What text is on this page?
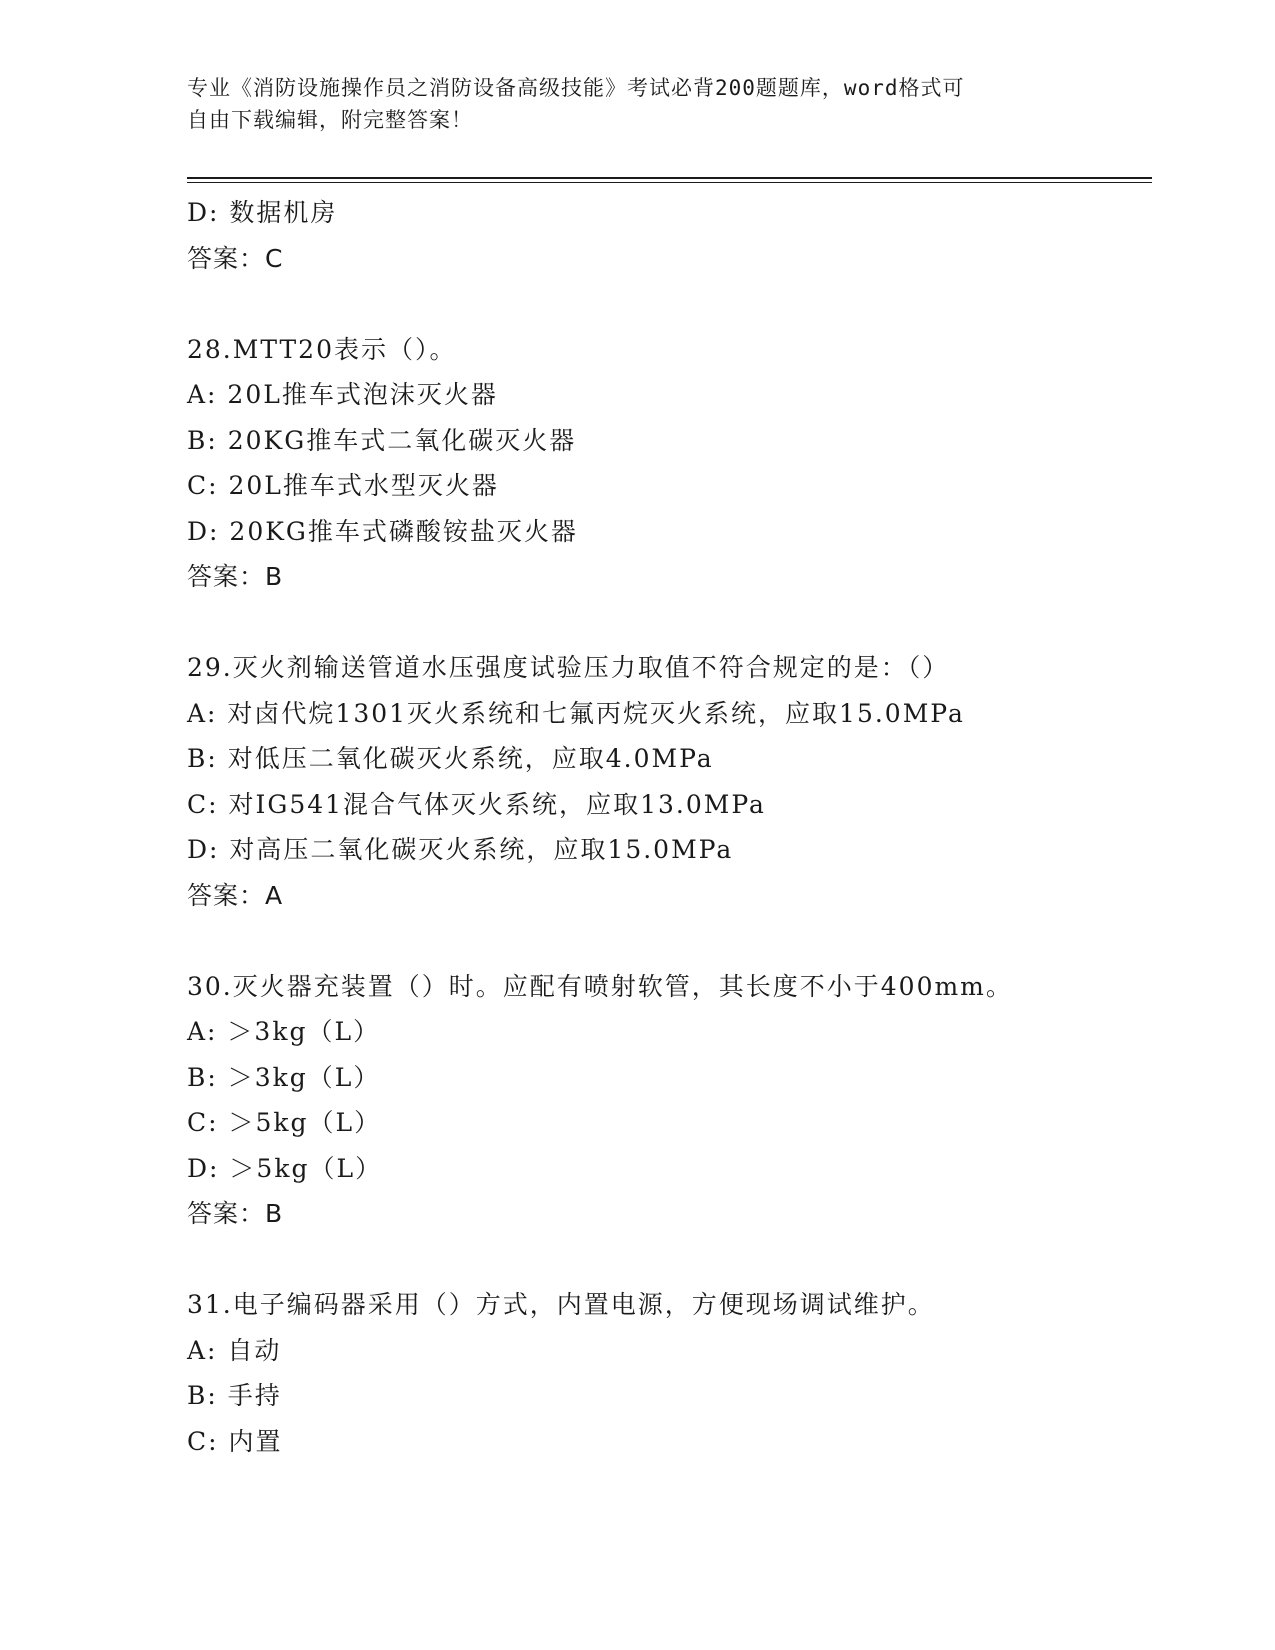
专业《消防设施操作员之消防设备高级技能》考试必背200题题库，word格式可
自由下载编辑，附完整答案！
D: 数据机房
答案：C
28.MTT20表示（）。
A: 20L推车式泡沫灭火器
B: 20KG推车式二氧化碳灭火器
C: 20L推车式水型灭火器
D: 20KG推车式磷酸铵盐灭火器
答案：B
29.灭火剂输送管道水压强度试验压力取值不符合规定的是：（）
A: 对卤代烷1301灭火系统和七氟丙烷灭火系统，应取15.0MPa
B: 对低压二氧化碳灭火系统，应取4.0MPa
C: 对IG541混合气体灭火系统，应取13.0MPa
D: 对高压二氧化碳灭火系统，应取15.0MPa
答案：A
30.灭火器充装置（）时。应配有喷射软管，其长度不小于400mm。
A: ＞3kg（L）
B: ＞3kg（L）
C: ＞5kg（L）
D: ＞5kg（L）
答案：B
31.电子编码器采用（）方式，内置电源，方便现场调试维护。
A: 自动
B: 手持
C: 内置
